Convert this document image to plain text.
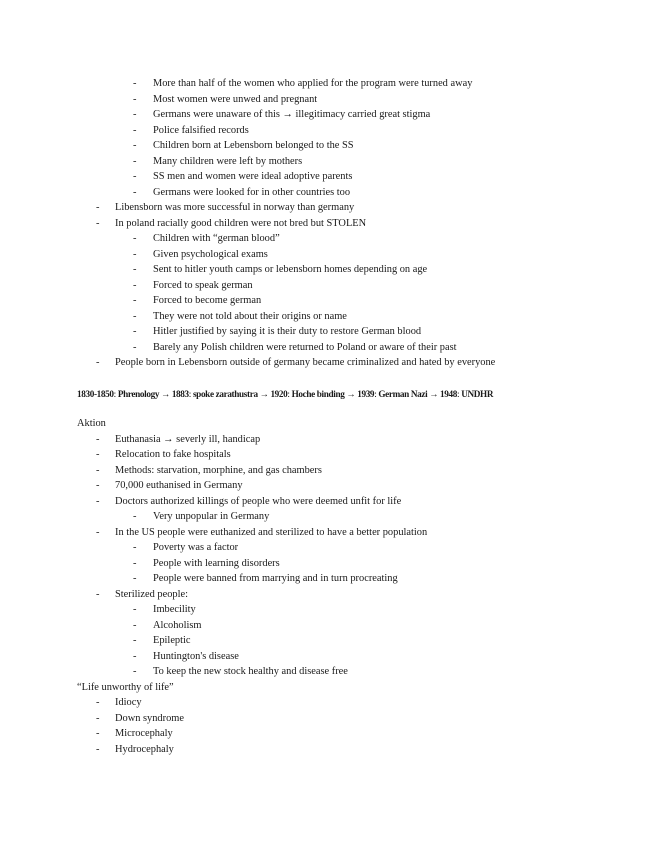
- More than half of the women who applied for the program were turned away
- Most women were unwed and pregnant
- Germans were unaware of this → illegitimacy carried great stigma
- Police falsified records
- Children born at Lebensborn belonged to the SS
- Many children were left by mothers
- SS men and women were ideal adoptive parents
- Germans were looked for in other countries too
- Libensborn was more successful in norway than germany
- In poland racially good children were not bred but STOLEN
- Children with “german blood”
- Given psychological exams
- Sent to hitler youth camps or lebensborn homes depending on age
- Forced to speak german
- Forced to become german
- They were not told about their origins or name
- Hitler justified by saying it is their duty to restore German blood
- Barely any Polish children were returned to Poland or aware of their past
- People born in Lebensborn outside of germany became criminalized and hated by everyone
1830-1850: Phrenology → 1883: spoke zarathustra → 1920: Hoche binding → 1939: German Nazi → 1948: UNDHR
Aktion
- Euthanasia → severly ill, handicap
- Relocation to fake hospitals
- Methods: starvation, morphine, and gas chambers
- 70,000 euthanised in Germany
- Doctors authorized killings of people who were deemed unfit for life
- Very unpopular in Germany
- In the US people were euthanized and sterilized to have a better population
- Poverty was a factor
- People with learning disorders
- People were banned from marrying and in turn procreating
- Sterilized people:
- Imbecility
- Alcoholism
- Epileptic
- Huntington's disease
- To keep the new stock healthy and disease free
“Life unworthy of life”
- Idiocy
- Down syndrome
- Microcephaly
- Hydrocephaly
